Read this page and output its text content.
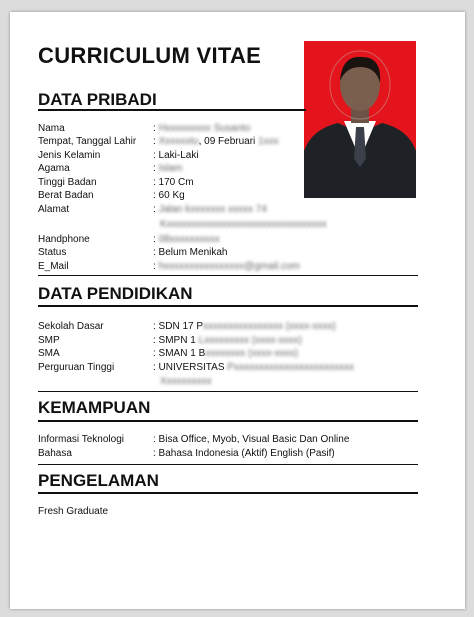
CURRICULUM VITAE
DATA PRIBADI
Nama	: Hxxxxxxxxx Susanto
Tempat, Tanggal Lahir	: Xxxxxxtu, 09 Februari 1xxx
Jenis Kelamin	: Laki-Laki
Agama	: Islam
Tinggi Badan	: 170 Cm
Berat Badan	: 60 Kg
Alamat	: Jalan kxxxxxxx xxxxx 74
Kxxxxxxxxxxxxxxxxxxxxxxxxxxxxxxxx
Handphone	: 08xxxxxxxxxx
Status	: Belum Menikah
E_Mail	: hxxxxxxxxxxxxxxxx@gmail.com
DATA PENDIDIKAN
Sekolah Dasar	: SDN 17 Pxxxxxxxxxxxxxxxx (xxxx-xxxx)
SMP	: SMPN 1 Lxxxxxxxxx (xxxx-xxxx)
SMA	: SMAN 1 Bxxxxxxxx (xxxx-xxxx)
Perguruan Tinggi	: UNIVERSITAS Pxxxxxxxxxxxxxxxxxxxxxxxx
Xxxxxxxxxx
KEMAMPUAN
Informasi Teknologi	: Bisa Office, Myob, Visual Basic Dan Online
Bahasa	: Bahasa Indonesia (Aktif) English (Pasif)
PENGELAMAN
Fresh Graduate
